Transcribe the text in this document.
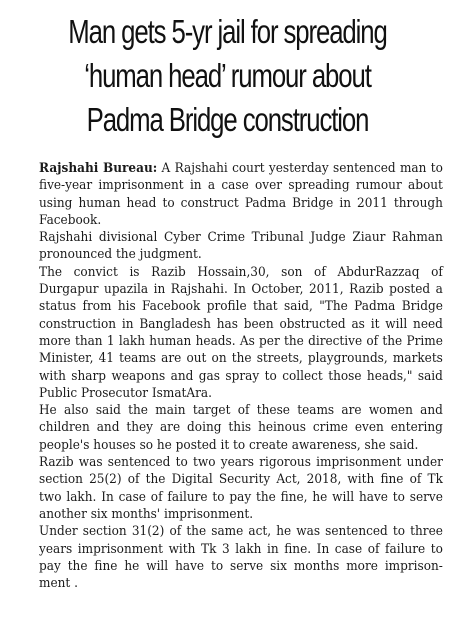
Man gets 5-yr jail for spreading
‘human head’ rumour about
Padma Bridge construction

Rajshahi Bureau: A Rajshahi court yesterday sentenced man to five-year imprisonment in a case over spreading rumour about using human head to construct Padma Bridge in 2011 through Facebook.

Rajshahi divisional Cyber Crime Tribunal Judge Ziaur Rahman pronounced the judgment.

The convict is Razib Hossain,30, son of AbdurRazzaq of Durgapur upazila in Rajshahi. In October, 2011, Razib posted a status from his Facebook profile that said, "The Padma Bridge construction in Bangladesh has been obstructed as it will need more than 1 lakh human heads. As per the directive of the Prime Minister, 41 teams are out on the streets, playgrounds, markets with sharp weapons and gas spray to collect those heads," said Public Prosecutor IsmatAra.

He also said the main target of these teams are women and children and they are doing this heinous crime even entering people's houses so he posted it to create awareness, she said.

Razib was sentenced to two years rigorous imprisonment under section 25(2) of the Digital Security Act, 2018, with fine of Tk two lakh. In case of failure to pay the fine, he will have to serve another six months' imprisonment.

Under section 31(2) of the same act, he was sentenced to three years imprisonment with Tk 3 lakh in fine. In case of failure to pay the fine he will have to serve six months more imprison- ment .
